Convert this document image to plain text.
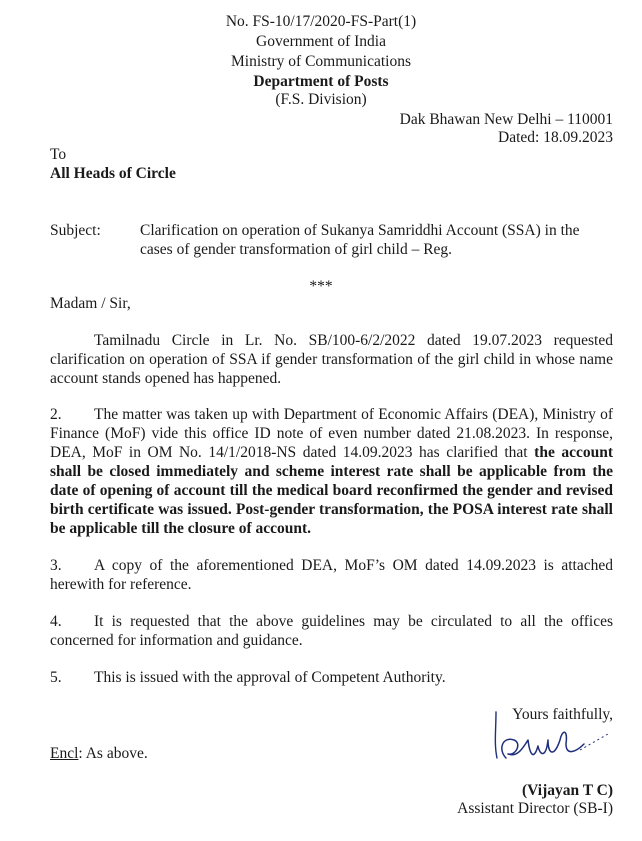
No. FS-10/17/2020-FS-Part(1)
Government of India
Ministry of Communications
Department of Posts
(F.S. Division)
Dak Bhawan New Delhi – 110001
Dated: 18.09.2023
To
All Heads of Circle
Subject:	Clarification on operation of Sukanya Samriddhi Account (SSA) in the
cases of gender transformation of girl child – Reg.
***
Madam / Sir,
Tamilnadu Circle in Lr. No. SB/100-6/2/2022 dated 19.07.2023 requested clarification on operation of SSA if gender transformation of the girl child in whose name account stands opened has happened.
2. The matter was taken up with Department of Economic Affairs (DEA), Ministry of Finance (MoF) vide this office ID note of even number dated 21.08.2023. In response, DEA, MoF in OM No. 14/1/2018-NS dated 14.09.2023 has clarified that the account shall be closed immediately and scheme interest rate shall be applicable from the date of opening of account till the medical board reconfirmed the gender and revised birth certificate was issued. Post-gender transformation, the POSA interest rate shall be applicable till the closure of account.
3. A copy of the aforementioned DEA, MoF’s OM dated 14.09.2023 is attached herewith for reference.
4. It is requested that the above guidelines may be circulated to all the offices concerned for information and guidance.
5. This is issued with the approval of Competent Authority.
Yours faithfully,
Encl: As above.
(Vijayan T C)
Assistant Director (SB-I)
